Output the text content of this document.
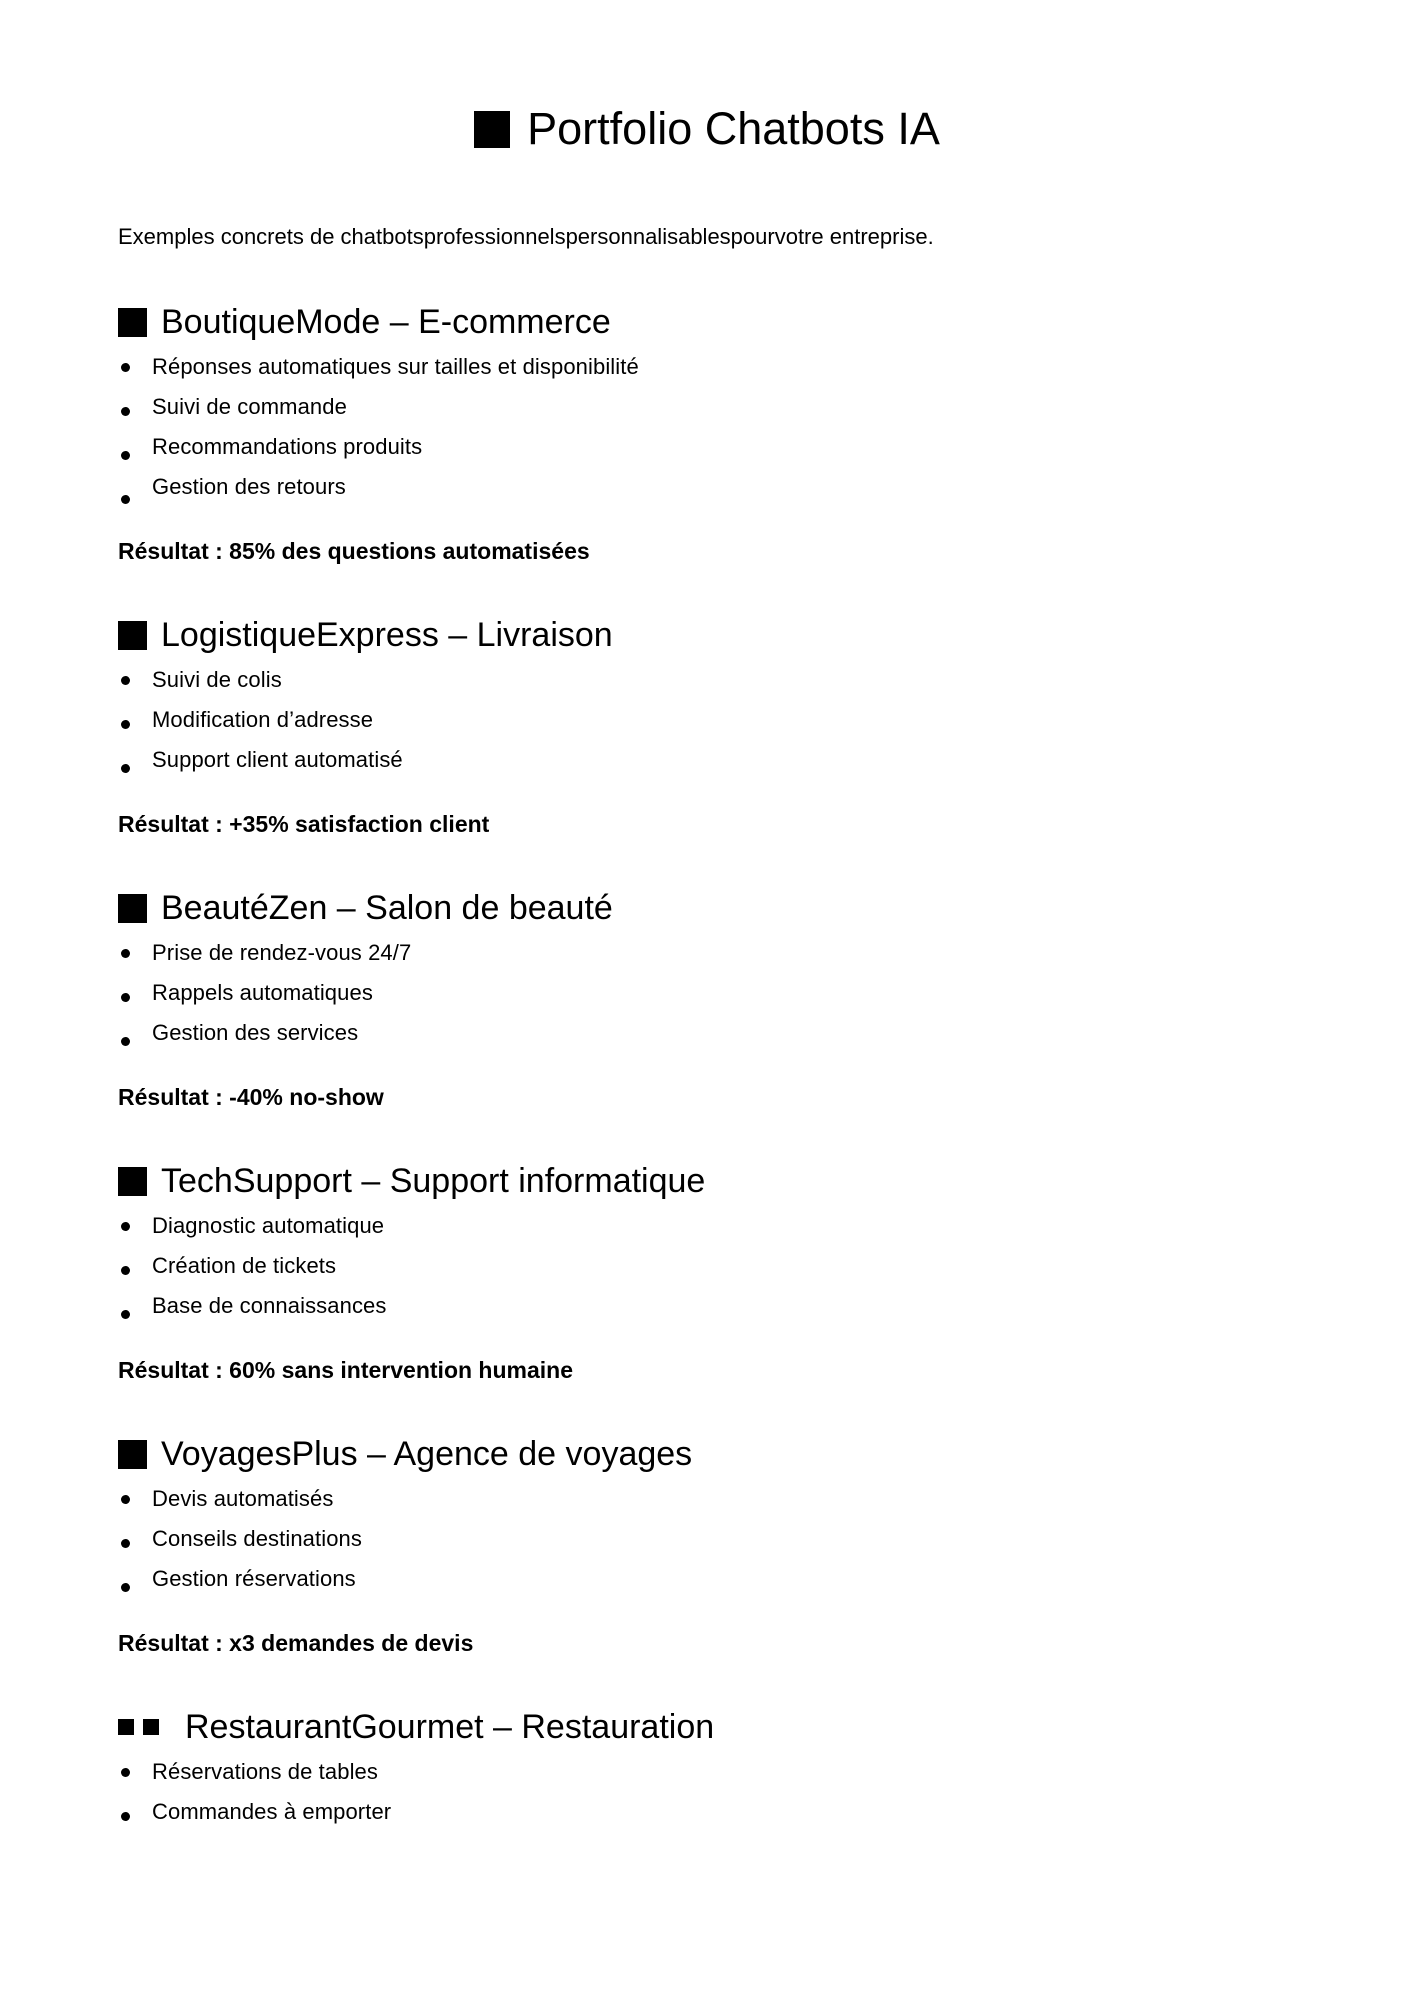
Portfolio Chatbots IA

Exemples concrets de chatbotsprofessionnelspersonnalisablespourvotre entreprise.

BoutiqueMode – E-commerce
Réponses automatiques sur tailles et disponibilité
Suivi de commande
Recommandations produits
Gestion des retours

Résultat : 85% des questions automatisées

LogistiqueExpress – Livraison
Suivi de colis
Modification d’adresse
Support client automatisé

Résultat : +35% satisfaction client

BeautéZen – Salon de beauté
Prise de rendez-vous 24/7
Rappels automatiques
Gestion des services

Résultat : -40% no-show

TechSupport – Support informatique
Diagnostic automatique
Création de tickets
Base de connaissances

Résultat : 60% sans intervention humaine

VoyagesPlus – Agence de voyages
Devis automatisés
Conseils destinations
Gestion réservations

Résultat : x3 demandes de devis

RestaurantGourmet – Restauration
Réservations de tables
Commandes à emporter
